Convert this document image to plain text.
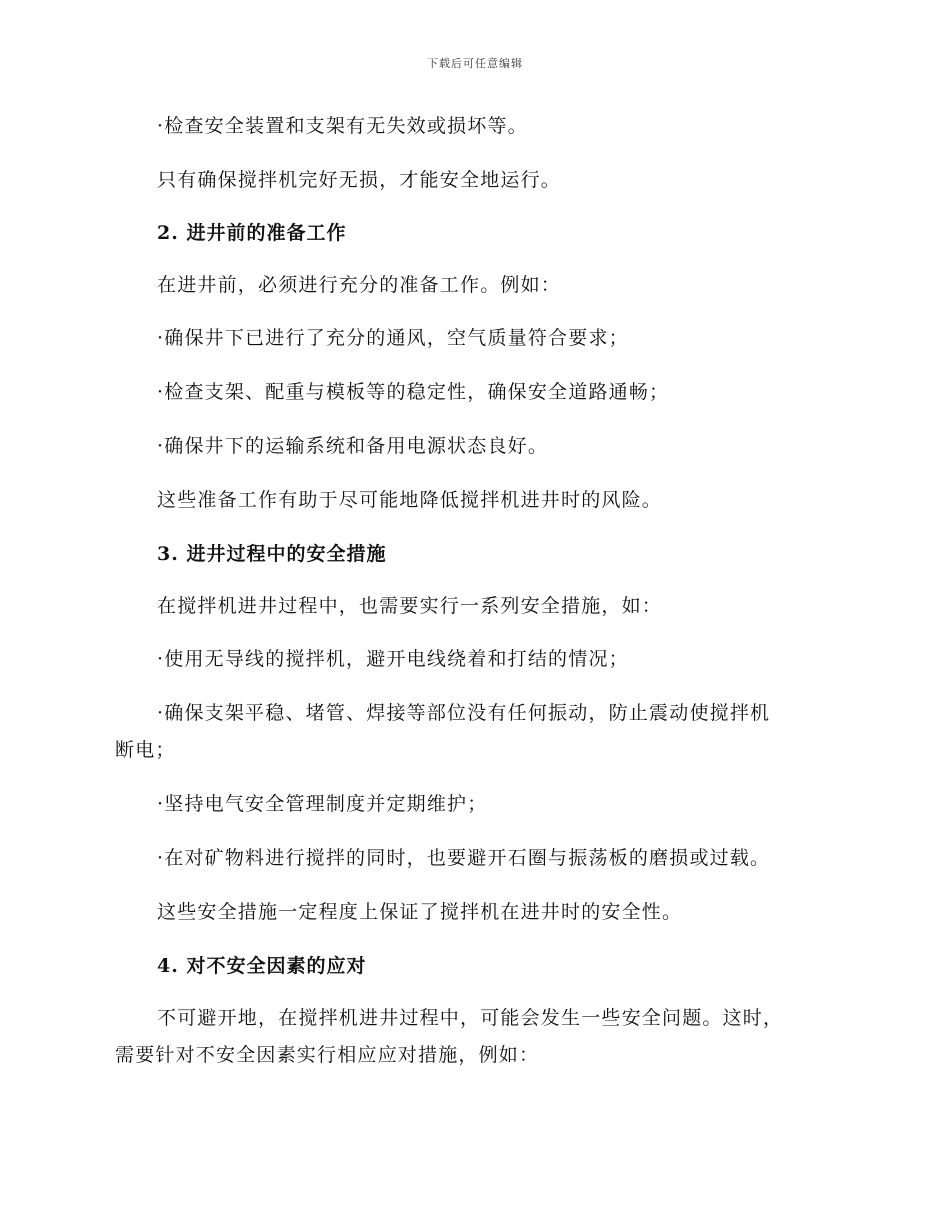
下载后可任意编辑
·检查安全装置和支架有无失效或损坏等。
只有确保搅拌机完好无损，才能安全地运行。
2. 进井前的准备工作
在进井前，必须进行充分的准备工作。例如：
·确保井下已进行了充分的通风，空气质量符合要求；
·检查支架、配重与模板等的稳定性，确保安全道路通畅；
·确保井下的运输系统和备用电源状态良好。
这些准备工作有助于尽可能地降低搅拌机进井时的风险。
3. 进井过程中的安全措施
在搅拌机进井过程中，也需要实行一系列安全措施，如：
·使用无导线的搅拌机，避开电线绕着和打结的情况；
·确保支架平稳、堵管、焊接等部位没有任何振动，防止震动使搅拌机
断电；
·坚持电气安全管理制度并定期维护；
·在对矿物料进行搅拌的同时，也要避开石圈与振荡板的磨损或过载。
这些安全措施一定程度上保证了搅拌机在进井时的安全性。
4. 对不安全因素的应对
不可避开地，在搅拌机进井过程中，可能会发生一些安全问题。这时，
需要针对不安全因素实行相应应对措施，例如：
